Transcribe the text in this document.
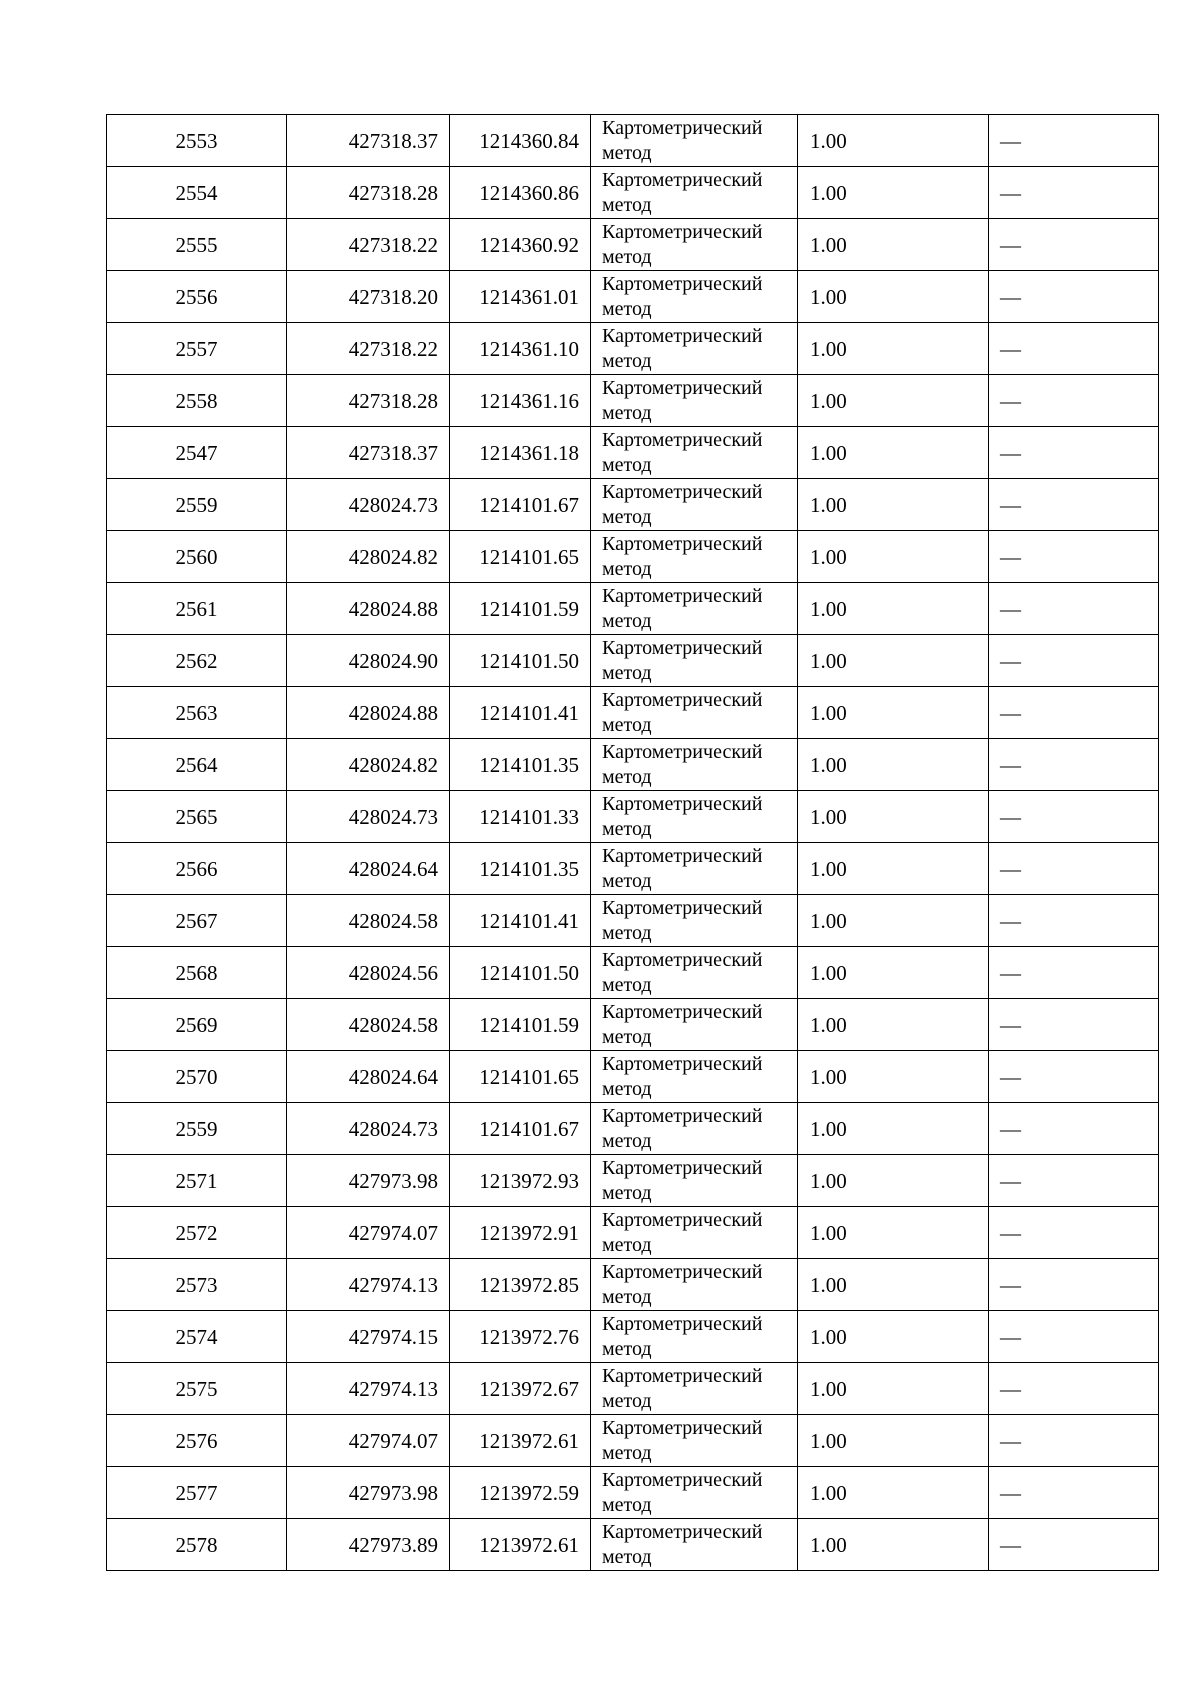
2553	427318.37	1214360.84	Картометрический
метод	1.00	—
2554	427318.28	1214360.86	Картометрический
метод	1.00	—
2555	427318.22	1214360.92	Картометрический
метод	1.00	—
2556	427318.20	1214361.01	Картометрический
метод	1.00	—
2557	427318.22	1214361.10	Картометрический
метод	1.00	—
2558	427318.28	1214361.16	Картометрический
метод	1.00	—
2547	427318.37	1214361.18	Картометрический
метод	1.00	—
2559	428024.73	1214101.67	Картометрический
метод	1.00	—
2560	428024.82	1214101.65	Картометрический
метод	1.00	—
2561	428024.88	1214101.59	Картометрический
метод	1.00	—
2562	428024.90	1214101.50	Картометрический
метод	1.00	—
2563	428024.88	1214101.41	Картометрический
метод	1.00	—
2564	428024.82	1214101.35	Картометрический
метод	1.00	—
2565	428024.73	1214101.33	Картометрический
метод	1.00	—
2566	428024.64	1214101.35	Картометрический
метод	1.00	—
2567	428024.58	1214101.41	Картометрический
метод	1.00	—
2568	428024.56	1214101.50	Картометрический
метод	1.00	—
2569	428024.58	1214101.59	Картометрический
метод	1.00	—
2570	428024.64	1214101.65	Картометрический
метод	1.00	—
2559	428024.73	1214101.67	Картометрический
метод	1.00	—
2571	427973.98	1213972.93	Картометрический
метод	1.00	—
2572	427974.07	1213972.91	Картометрический
метод	1.00	—
2573	427974.13	1213972.85	Картометрический
метод	1.00	—
2574	427974.15	1213972.76	Картометрический
метод	1.00	—
2575	427974.13	1213972.67	Картометрический
метод	1.00	—
2576	427974.07	1213972.61	Картометрический
метод	1.00	—
2577	427973.98	1213972.59	Картометрический
метод	1.00	—
2578	427973.89	1213972.61	Картометрический
метод	1.00	—
